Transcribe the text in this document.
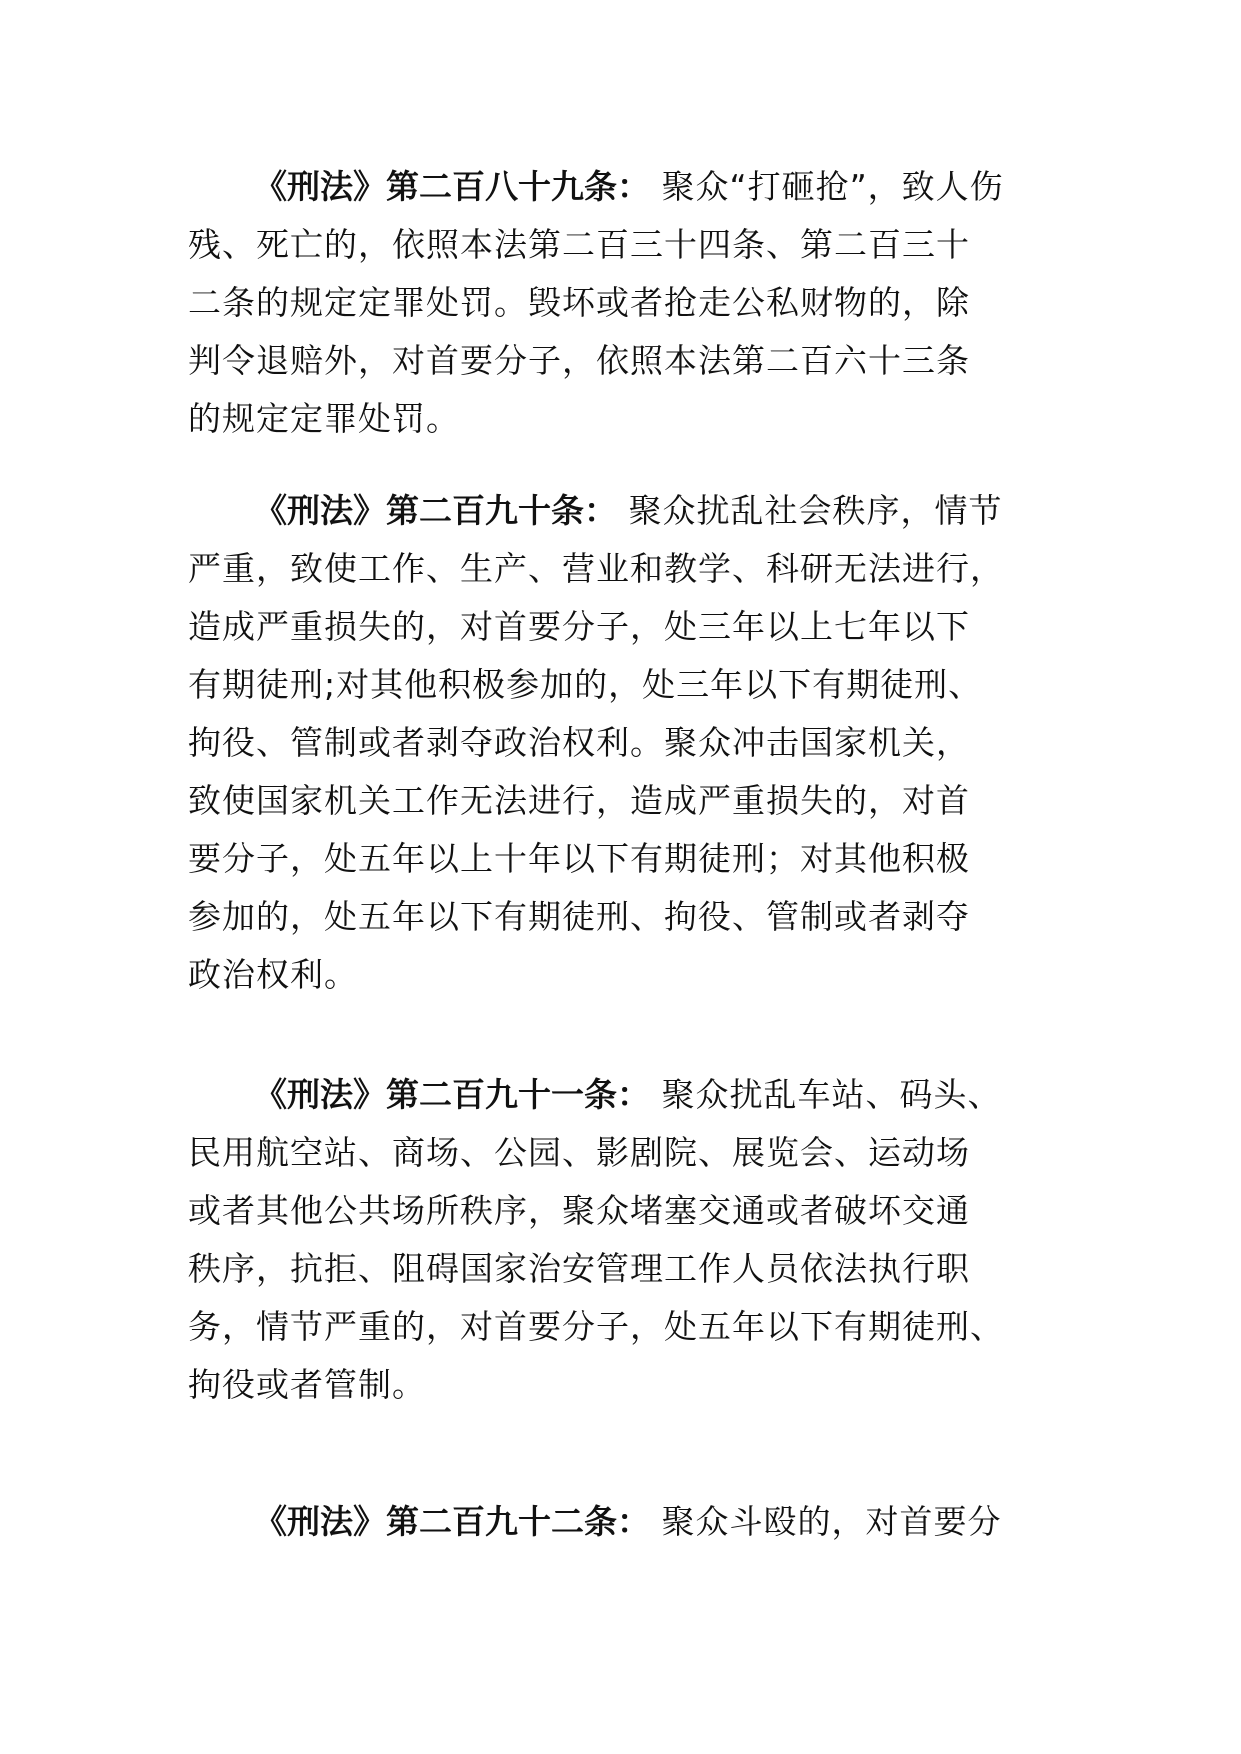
《刑法》第二百八十九条： 聚众“打砸抢”，致人伤
残、死亡的，依照本法第二百三十四条、第二百三十
二条的规定定罪处罚。毁坏或者抢走公私财物的，除
判令退赔外，对首要分子，依照本法第二百六十三条
的规定定罪处罚。
《刑法》第二百九十条： 聚众扰乱社会秩序，情节
严重，致使工作、生产、营业和教学、科研无法进行，
造成严重损失的，对首要分子，处三年以上七年以下
有期徒刑;对其他积极参加的，处三年以下有期徒刑、
拘役、管制或者剥夺政治权利。聚众冲击国家机关，
致使国家机关工作无法进行，造成严重损失的，对首
要分子，处五年以上十年以下有期徒刑；对其他积极
参加的，处五年以下有期徒刑、拘役、管制或者剥夺
政治权利。
《刑法》第二百九十一条： 聚众扰乱车站、码头、
民用航空站、商场、公园、影剧院、展览会、运动场
或者其他公共场所秩序，聚众堵塞交通或者破坏交通
秩序，抗拒、阻碍国家治安管理工作人员依法执行职
务，情节严重的，对首要分子，处五年以下有期徒刑、
拘役或者管制。
《刑法》第二百九十二条： 聚众斗殴的，对首要分
